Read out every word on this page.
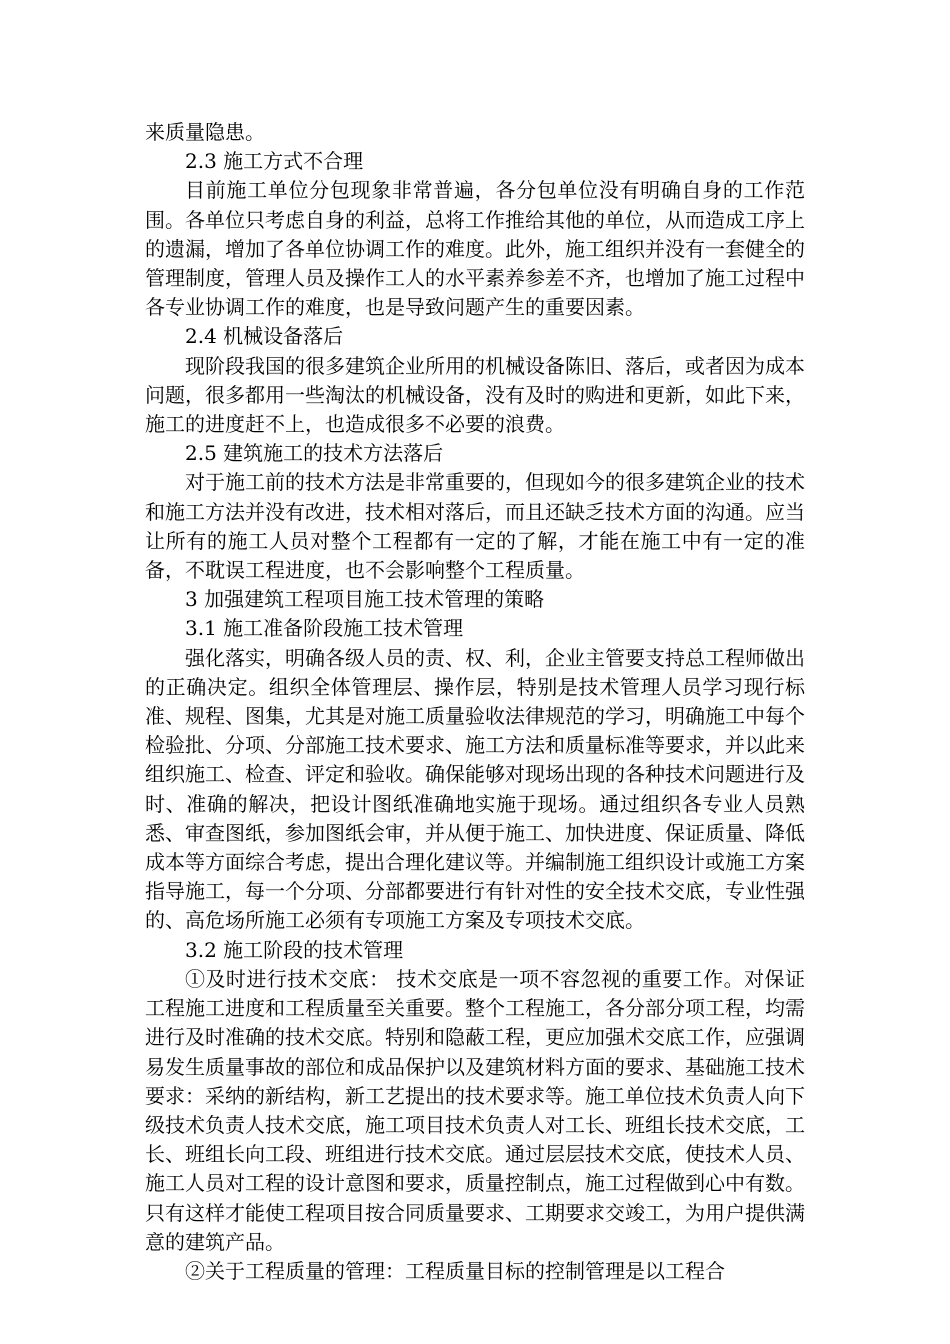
来质量隐患。

2.3 施工方式不合理

目前施工单位分包现象非常普遍，各分包单位没有明确自身的工作范围。各单位只考虑自身的利益，总将工作推给其他的单位，从而造成工序上的遗漏，增加了各单位协调工作的难度。此外，施工组织并没有一套健全的管理制度，管理人员及操作工人的水平素养参差不齐，也增加了施工过程中各专业协调工作的难度，也是导致问题产生的重要因素。

2.4 机械设备落后

现阶段我国的很多建筑企业所用的机械设备陈旧、落后，或者因为成本问题，很多都用一些淘汰的机械设备，没有及时的购进和更新，如此下来，施工的进度赶不上，也造成很多不必要的浪费。

2.5 建筑施工的技术方法落后

对于施工前的技术方法是非常重要的，但现如今的很多建筑企业的技术和施工方法并没有改进，技术相对落后，而且还缺乏技术方面的沟通。应当让所有的施工人员对整个工程都有一定的了解，才能在施工中有一定的准备，不耽误工程进度，也不会影响整个工程质量。

3 加强建筑工程项目施工技术管理的策略

3.1 施工准备阶段施工技术管理

强化落实，明确各级人员的责、权、利，企业主管要支持总工程师做出的正确决定。组织全体管理层、操作层，特别是技术管理人员学习现行标准、规程、图集，尤其是对施工质量验收法律规范的学习，明确施工中每个检验批、分项、分部施工技术要求、施工方法和质量标准等要求，并以此来组织施工、检查、评定和验收。确保能够对现场出现的各种技术问题进行及时、准确的解决，把设计图纸准确地实施于现场。通过组织各专业人员熟悉、审查图纸，参加图纸会审，并从便于施工、加快进度、保证质量、降低成本等方面综合考虑，提出合理化建议等。并编制施工组织设计或施工方案指导施工，每一个分项、分部都要进行有针对性的安全技术交底，专业性强的、高危场所施工必须有专项施工方案及专项技术交底。

3.2 施工阶段的技术管理

①及时进行技术交底： 技术交底是一项不容忽视的重要工作。对保证工程施工进度和工程质量至关重要。整个工程施工，各分部分项工程，均需进行及时准确的技术交底。特别和隐蔽工程，更应加强术交底工作，应强调易发生质量事故的部位和成品保护以及建筑材料方面的要求、基础施工技术要求：采纳的新结构，新工艺提出的技术要求等。施工单位技术负责人向下级技术负责人技术交底，施工项目技术负责人对工长、班组长技术交底，工长、班组长向工段、班组进行技术交底。通过层层技术交底，使技术人员、施工人员对工程的设计意图和要求，质量控制点，施工过程做到心中有数。只有这样才能使工程项目按合同质量要求、工期要求交竣工，为用户提供满意的建筑产品。

②关于工程质量的管理：工程质量目标的控制管理是以工程合
